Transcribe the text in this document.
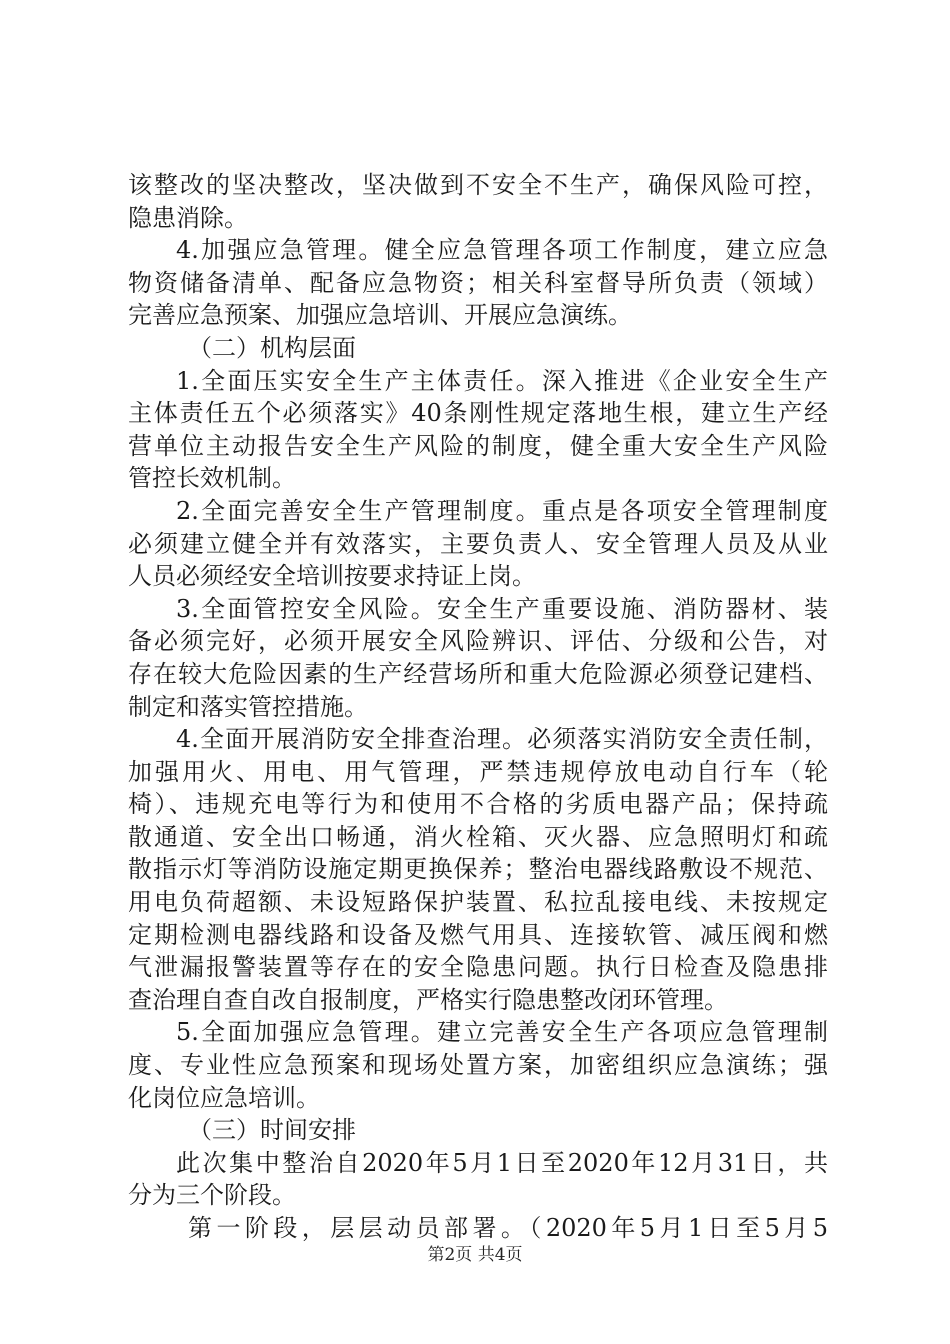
该整改的坚决整改，坚决做到不安全不生产，确保风险可控，
隐患消除。
4.加强应急管理。健全应急管理各项工作制度，建立应急
物资储备清单、配备应急物资；相关科室督导所负责（领域）
完善应急预案、加强应急培训、开展应急演练。
（二）机构层面
1.全面压实安全生产主体责任。深入推进《企业安全生产
主体责任五个必须落实》40条刚性规定落地生根，建立生产经
营单位主动报告安全生产风险的制度，健全重大安全生产风险
管控长效机制。
2.全面完善安全生产管理制度。重点是各项安全管理制度
必须建立健全并有效落实，主要负责人、安全管理人员及从业
人员必须经安全培训按要求持证上岗。
3.全面管控安全风险。安全生产重要设施、消防器材、装
备必须完好，必须开展安全风险辨识、评估、分级和公告，对
存在较大危险因素的生产经营场所和重大危险源必须登记建档、
制定和落实管控措施。
4.全面开展消防安全排查治理。必须落实消防安全责任制，
加强用火、用电、用气管理，严禁违规停放电动自行车（轮
椅）、违规充电等行为和使用不合格的劣质电器产品；保持疏
散通道、安全出口畅通，消火栓箱、灭火器、应急照明灯和疏
散指示灯等消防设施定期更换保养；整治电器线路敷设不规范、
用电负荷超额、未设短路保护装置、私拉乱接电线、未按规定
定期检测电器线路和设备及燃气用具、连接软管、减压阀和燃
气泄漏报警装置等存在的安全隐患问题。执行日检查及隐患排
查治理自查自改自报制度，严格实行隐患整改闭环管理。
5.全面加强应急管理。建立完善安全生产各项应急管理制
度、专业性应急预案和现场处置方案，加密组织应急演练；强
化岗位应急培训。
（三）时间安排
此次集中整治自2020年5月1日至2020年12月31日，共
分为三个阶段。
第一阶段，层层动员部署。（2020年5月1日至5月5
第2页 共4页
